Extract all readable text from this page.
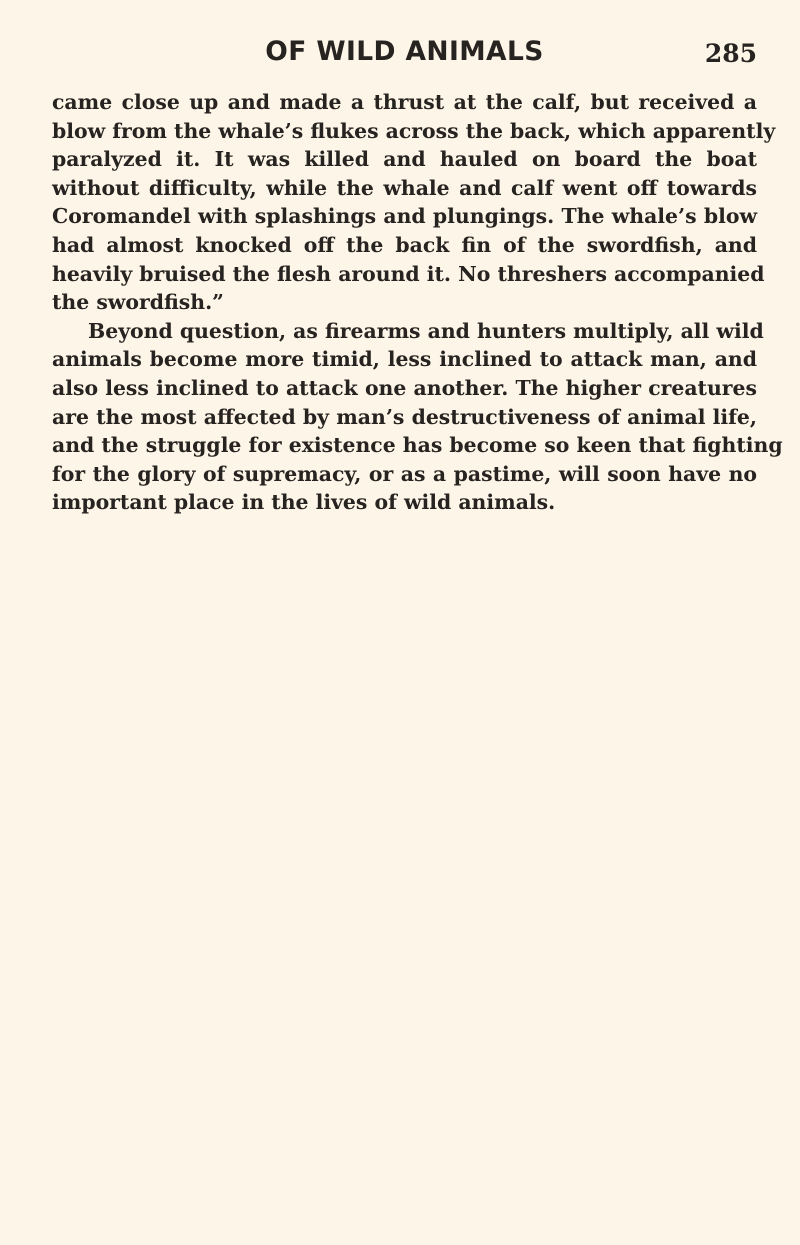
OF WILD ANIMALS	285
came close up and made a thrust at the calf, but received a
blow from the whale’s flukes across the back, which apparently
paralyzed it. It was killed and hauled on board the boat
without difficulty, while the whale and calf went off towards
Coromandel with splashings and plungings. The whale’s blow
had almost knocked off the back fin of the swordfish, and
heavily bruised the flesh around it. No threshers accompanied
the swordfish.”
Beyond question, as firearms and hunters multiply, all wild
animals become more timid, less inclined to attack man, and
also less inclined to attack one another. The higher creatures
are the most affected by man’s destructiveness of animal life,
and the struggle for existence has become so keen that fighting
for the glory of supremacy, or as a pastime, will soon have no
important place in the lives of wild animals.
